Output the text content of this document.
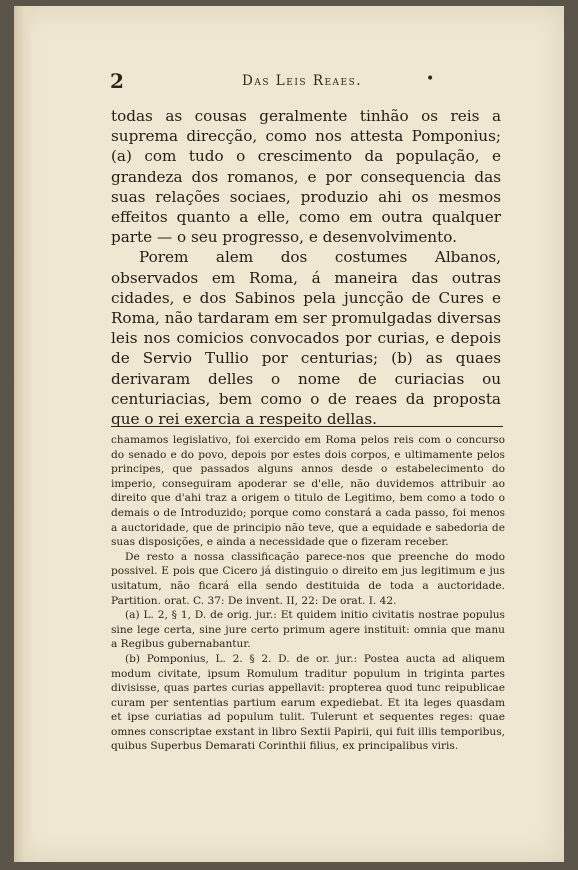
2	Das Leis Reaes.	•

todas as cousas geralmente tinhão os reis a suprema direcção, como nos attesta Pomponius; (a) com tudo o crescimento da população, e grandeza dos romanos, e por consequencia das suas relações sociaes, produzio ahi os mesmos effeitos quanto a elle, como em outra qualquer parte — o seu progresso, e desenvolvimento.

Porem alem dos costumes Albanos, observados em Roma, á maneira das outras cidades, e dos Sabinos pela juncção de Cures e Roma, não tardaram em ser promulgadas diversas leis nos comicios convocados por curias, e depois de Servio Tullio por centurias; (b) as quaes derivaram delles o nome de curiacias ou centuriacias, bem como o de reaes da proposta que o rei exercia a respeito dellas.

chamamos legislativo, foi exercido em Roma pelos reis com o concurso do senado e do povo, depois por estes dois corpos, e ultimamente pelos principes, que passados alguns annos desde o estabelecimento do imperio, conseguiram apoderar se d'elle, não duvidemos attribuir ao direito que d'ahi traz a origem o titulo de Legitimo, bem como a todo o demais o de Introduzido; porque como constará a cada passo, foi menos a auctoridade, que de principio não teve, que a equidade e sabedoria de suas disposições, e ainda a necessidade que o fizeram receber.

De resto a nossa classificação parece-nos que preenche do modo possivel. E pois que Cicero já distinguio o direito em jus legitimum e jus usitatum, não ficará ella sendo destituida de toda a auctoridade. Partition. orat. C. 37: De invent. II, 22: De orat. I. 42.

(a) L. 2, § 1, D. de orig. jur.: Et quidem initio civitatis nostrae populus sine lege certa, sine jure certo primum agere instituit: omnia que manu a Regibus gubernabantur.

(b) Pomponius, L. 2. § 2. D. de or. jur.: Postea aucta ad aliquem modum civitate, ipsum Romulum traditur populum in triginta partes divisisse, quas partes curias appellavit: propterea quod tunc reipublicae curam per sententias partium earum expediebat. Et ita leges quasdam et ipse curiatias ad populum tulit. Tulerunt et sequentes reges: quae omnes conscriptae exstant in libro Sextii Papirii, qui fuit illis temporibus, quibus Superbus Demarati Corinthii filius, ex principalibus viris.
